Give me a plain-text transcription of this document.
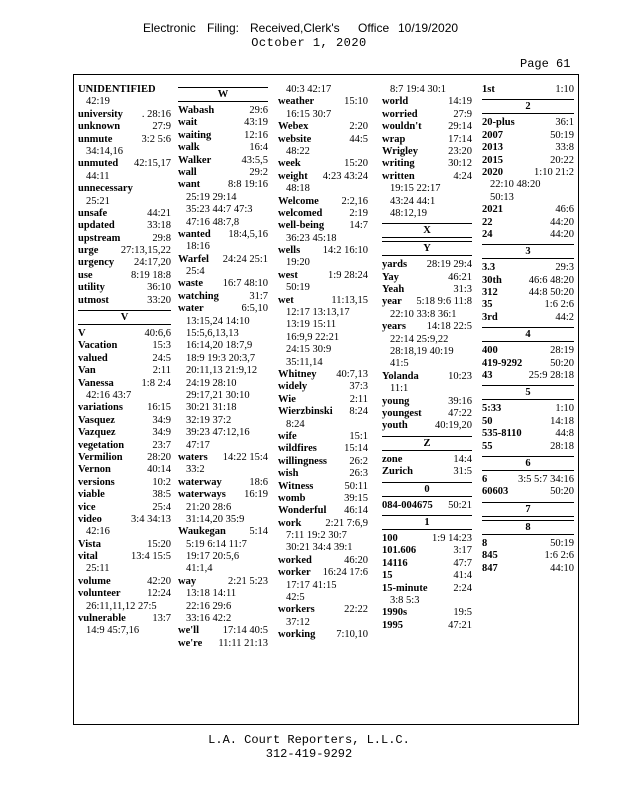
Electronic Filing: Received,Clerk's Office 10/19/2020
October 1, 2020
Page 61
UNIDENTIFIED
42:19
university . 28:16
unknown	27:9
unmute	3:2 5:6
34:14,16
unmuted 42:15,17
44:11
unnecessary
25:21
unsafe	44:21
updated	33:18
upstream	29:8
urge 27:13,15,22
urgency 24:17,20
use	8:19 18:8
utility	36:10
utmost	33:20
V
V	40:6,6
Vacation	15:3
valued	24:5
Van	2:11
Vanessa	1:8 2:4
42:16 43:7
variations 16:15
Vasquez	34:9
Vazquez	34:9
vegetation	23:7
Vermilion 28:20
Vernon	40:14
versions	10:2
viable	38:5
vice	25:4
video	3:4 34:13
42:16
Vista	15:20
vital	13:4 15:5
25:11
volume	42:20
volunteer	12:24
26:11,11,12 27:5
vulnerable	13:7
14:9 45:7,16
W
Wabash	29:6
wait	43:19
waiting	12:16
walk	16:4
Walker	43:5,5
wall	29:2
want	8:8 19:16
25:19 29:14
35:23 44:7 47:3
47:16 48:7,8
wanted 18:4,5,16
18:16
Warfel 24:24 25:1
25:4
waste 16:7 48:10
watching	31:7
water	6:5,10
13:15,24 14:10
15:5,6,13,13
16:14,20 18:7,9
18:9 19:3 20:3,7
20:11,13 21:9,12
24:19 28:10
29:17,21 30:10
30:21 31:18
32:19 37:2
39:23 47:12,16
47:17
waters 14:22 15:4
33:2
waterway	18:6
waterways 16:19
21:20 28:6
31:14,20 35:9
Waukegan 5:14
5:19 6:14 11:7
19:17 20:5,6
41:1,4
way	2:21 5:23
13:18 14:11
22:16 29:6
33:16 42:2
we'll 17:14 40:5
we're 11:11 21:13
40:3 42:17
weather	15:10
16:15 30:7
Webex	2:20
website	44:5
48:22
week	15:20
weight 4:23 43:24
48:18
Welcome 2:2,16
welcomed	2:19
well-being 14:7
36:23 45:18
wells 14:2 16:10
19:20
west	1:9 28:24
50:19
wet	11:13,15
12:17 13:13,17
13:19 15:11
16:9,9 22:21
24:15 30:9
35:11,14
Whitney 40:7,13
widely	37:3
Wie	2:11
Wierzbinski 8:24
8:24
wife	15:1
wildfires	15:14
willingness 26:2
wish	26:3
Witness	50:11
womb	39:15
Wonderful 46:14
work 2:21 7:6,9
7:11 19:2 30:7
30:21 34:4 39:1
worked	46:20
worker 16:24 17:6
17:17 41:15
42:5
workers	22:22
37:12
working 7:10,10
8:7 19:4 30:1
world	14:19
worried	27:9
wouldn't	29:14
wrap	17:14
Wrigley	23:20
writing	30:12
written	4:24
19:15 22:17
43:24 44:1
48:12,19
X
Y
yards 28:19 29:4
Yay	46:21
Yeah	31:3
year 5:18 9:6 11:8
22:10 33:8 36:1
years 14:18 22:5
22:14 25:9,22
28:18,19 40:19
41:5
Yolanda	10:23
11:1
young	39:16
youngest	47:22
youth	40:19,20
Z
zone	14:4
Zurich	31:5
0
084-004675 50:21
1
100	1:9 14:23
101.606	3:17
14116	47:7
15	41:4
15-minute 2:24
3:8 5:3
1990s	19:5
1995	47:21
1st	1:10
2
20-plus	36:1
2007	50:19
2013	33:8
2015	20:22
2020	1:10 21:2
22:10 48:20
50:13
2021	46:6
22	44:20
24	44:20
3
3.3	29:3
30th	46:6 48:20
312	44:8 50:20
35	1:6 2:6
3rd	44:2
4
400	28:19
419-9292	50:20
43	25:9 28:18
5
5:33	1:10
50	14:18
535-8110	44:8
55	28:18
6
6	3:5 5:7 34:16
60603	50:20
7
8
8	50:19
845	1:6 2:6
847	44:10
L.A. Court Reporters, L.L.C.
312-419-9292
